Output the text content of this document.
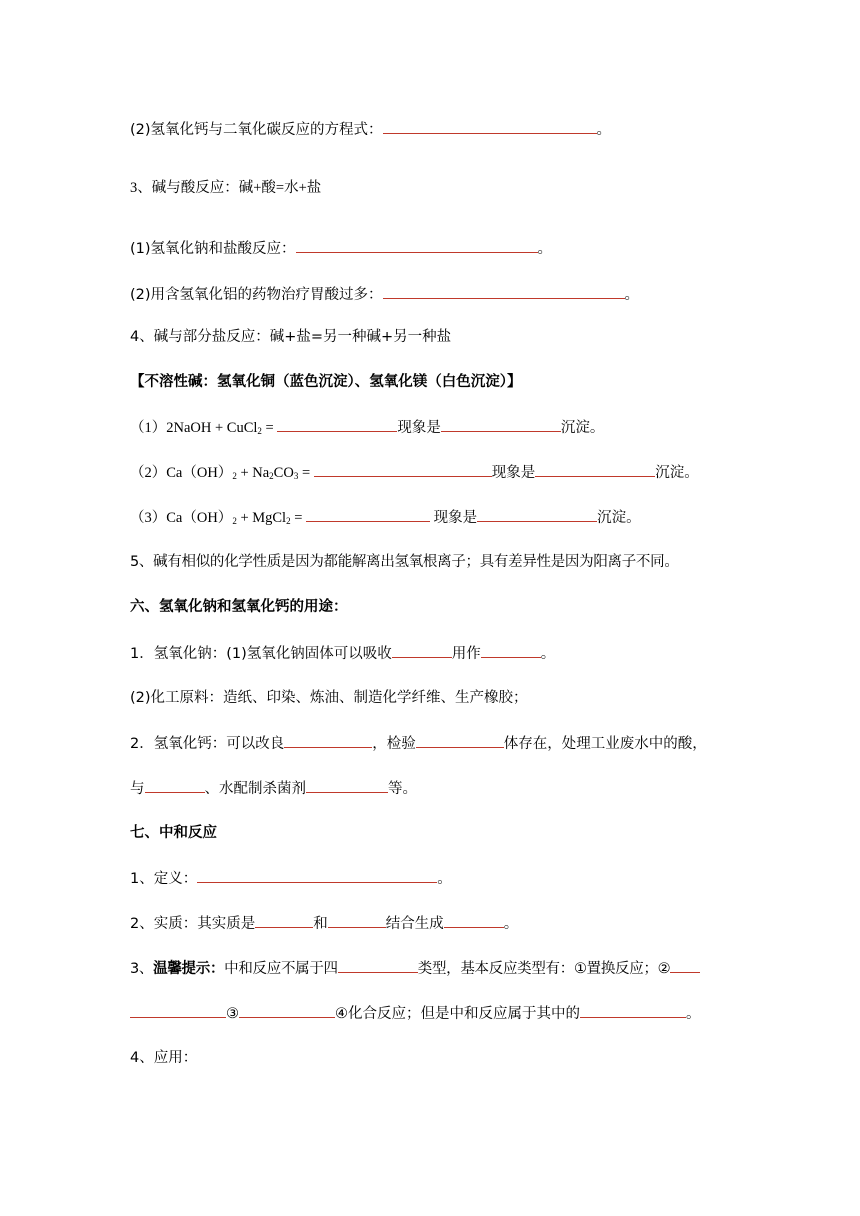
(2)氢氧化钙与二氧化碳反应的方程式：	。
3、碱与酸反应：碱+酸=水+盐
(1)氢氧化钠和盐酸反应：	。
(2)用含氢氧化铝的药物治疗胃酸过多：	。
4、碱与部分盐反应：碱+盐=另一种碱+另一种盐
【不溶性碱：氢氧化铜（蓝色沉淀）、氢氧化镁（白色沉淀）】
（1）2NaOH + CuCl$_2$ =	现象是	沉淀。
$(2)Ca(OH)_2 + Na_2CO_3$ =	现象是	沉淀。
$(3)Ca(OH)_2$ + MgCl$_2$ =	现象是	沉淀。
5、碱有相似的化学性质是因为都能解离出氢氧根离子；具有差异性是因为阳离子不同。
六、氢氧化钠和氢氧化钙的用途：
1．氢氧化钠：(1)氢氧化钠固体可以吸收	用作	。
(2)化工原料：造纸、印染、炼油、制造化学纤维、生产橡胶；
2．氢氧化钙：可以改良	，检验	体存在，处理工业废水中的酸，
与	、水配制杀菌剂	等。
七、中和反应
1、定义：	。
2、实质：其实质是	和	结合生成	。
3、温馨提示：中和反应不属于四	类型，基本反应类型有：①置换反应；②
③	④化合反应；但是中和反应属于其中的	。
4、应用：
